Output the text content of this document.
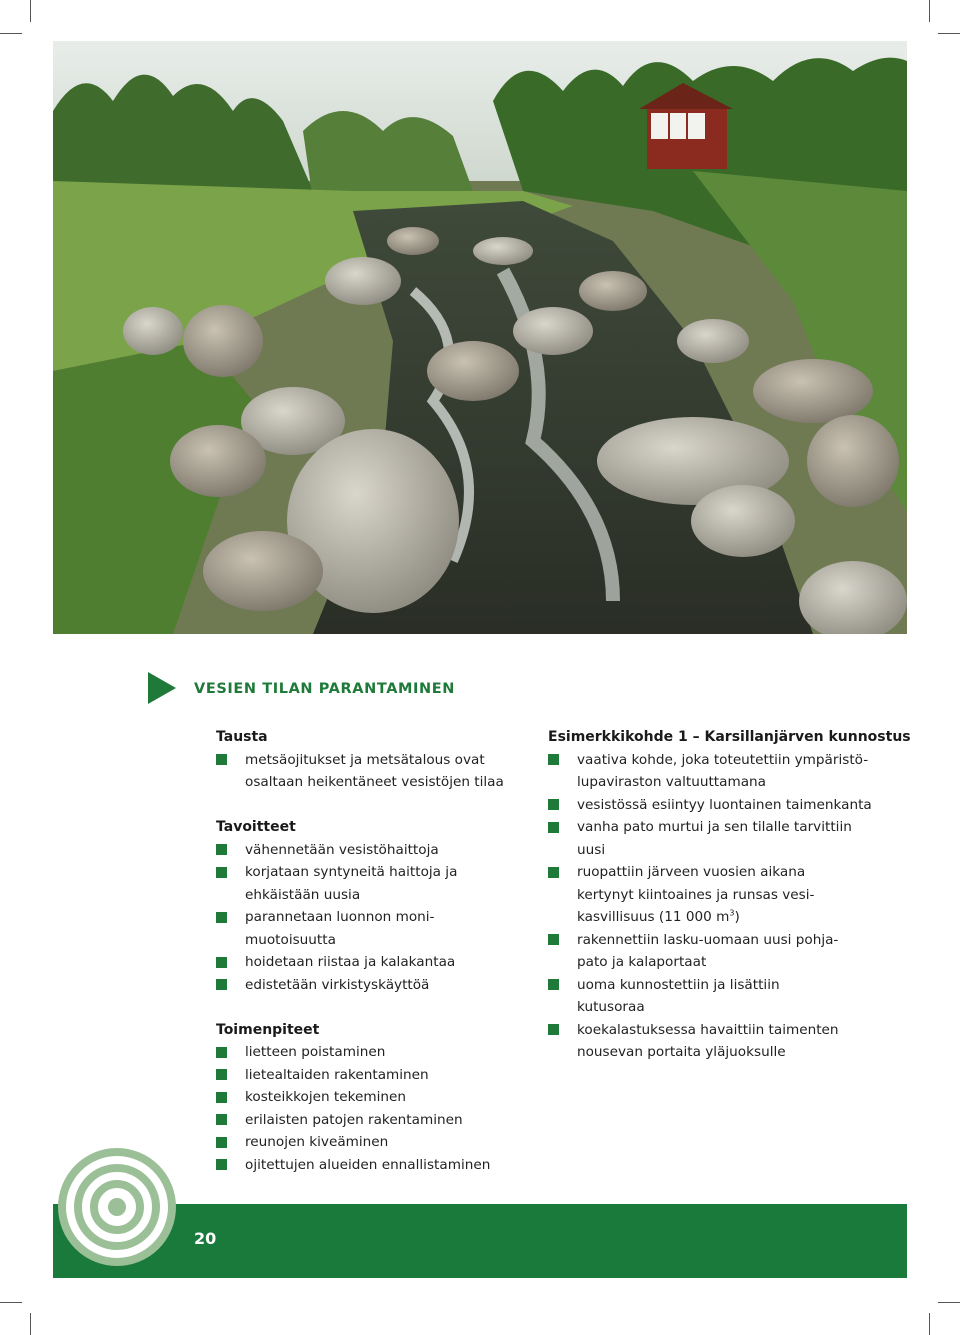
VESIEN TILAN PARANTAMINEN
Tausta
metsäojitukset ja metsätalous ovat
osaltaan heikentäneet vesistöjen tilaa
Tavoitteet
vähennetään vesistöhaittoja
korjataan syntyneitä haittoja ja
ehkäistään uusia
parannetaan luonnon moni-
muotoisuutta
hoidetaan riistaa ja kalakantaa
edistetään virkistyskäyttöä
Toimenpiteet
lietteen poistaminen
lietealtaiden rakentaminen
kosteikkojen tekeminen
erilaisten patojen rakentaminen
reunojen kiveäminen
ojitettujen alueiden ennallistaminen
Esimerkkikohde 1 – Karsillanjärven kunnostus
vaativa kohde, joka toteutettiin ympäristö-
lupaviraston valtuuttamana
vesistössä esiintyy luontainen taimenkanta
vanha pato murtui ja sen tilalle tarvittiin
uusi
ruopattiin järveen vuosien aikana
kertynyt kiintoaines ja runsas vesi-
kasvillisuus (11 000 $m^3$)
rakennettiin lasku-uomaan uusi pohja-
pato ja kalaportaat
uoma kunnostettiin ja lisättiin
kutusoraa
koekalastuksessa havaittiin taimenten
nousevan portaita yläjuoksulle
20
